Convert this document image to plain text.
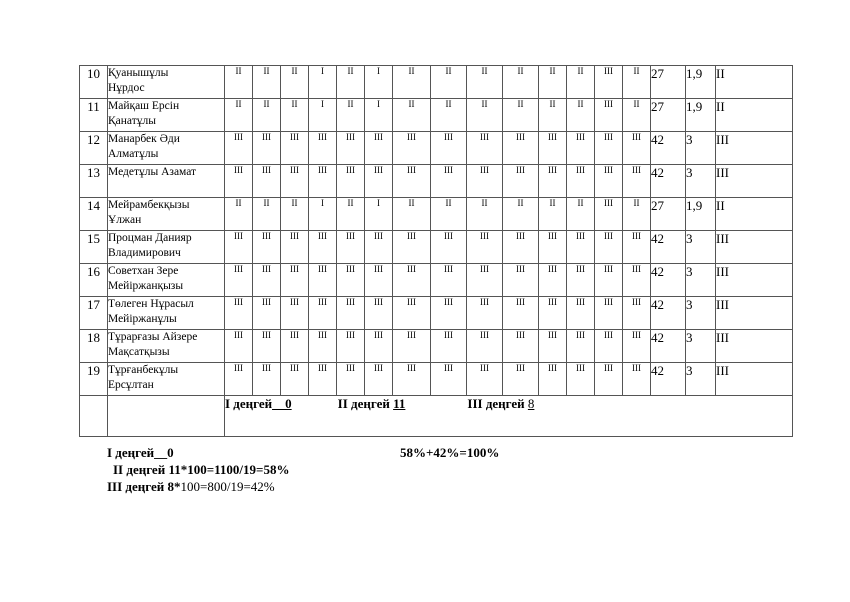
10	Қуанышұлы
Нұрдос	II	II	II	I	II	I	II	II	II	II	II	II	III	II	27	1,9	II
11	Майқаш Ерсін
Қанатұлы	II	II	II	I	II	I	II	II	II	II	II	II	III	II	27	1,9	II
12	Манарбек Әди
Алматұлы	III	III	III	III	III	III	III	III	III	III	III	III	III	III	42	3	III
13	Медетұлы Азамат	III	III	III	III	III	III	III	III	III	III	III	III	III	III	42	3	III
14	Мейрамбекқызы
Ұлжан	II	II	II	I	II	I	II	II	II	II	II	II	III	II	27	1,9	II
15	Процман Данияр
Владимирович	III	III	III	III	III	III	III	III	III	III	III	III	III	III	42	3	III
16	Советхан Зере
Мейіржанқызы	III	III	III	III	III	III	III	III	III	III	III	III	III	III	42	3	III
17	Төлеген Нұрасыл
Мейіржанұлы	III	III	III	III	III	III	III	III	III	III	III	III	III	III	42	3	III
18	Тұрарғазы Айзере
Мақсатқызы	III	III	III	III	III	III	III	III	III	III	III	III	III	III	42	3	III
19	Тұрғанбекұлы
Ерсұлтан	III	III	III	III	III	III	III	III	III	III	III	III	III	III	42	3	III
		I деңгей__0 II деңгей 11 III деңгей 8																
I деңгей__0	58%+42%=100%
II деңгей 11*100=1100/19=58%
III деңгей 8*100=800/19=42%
